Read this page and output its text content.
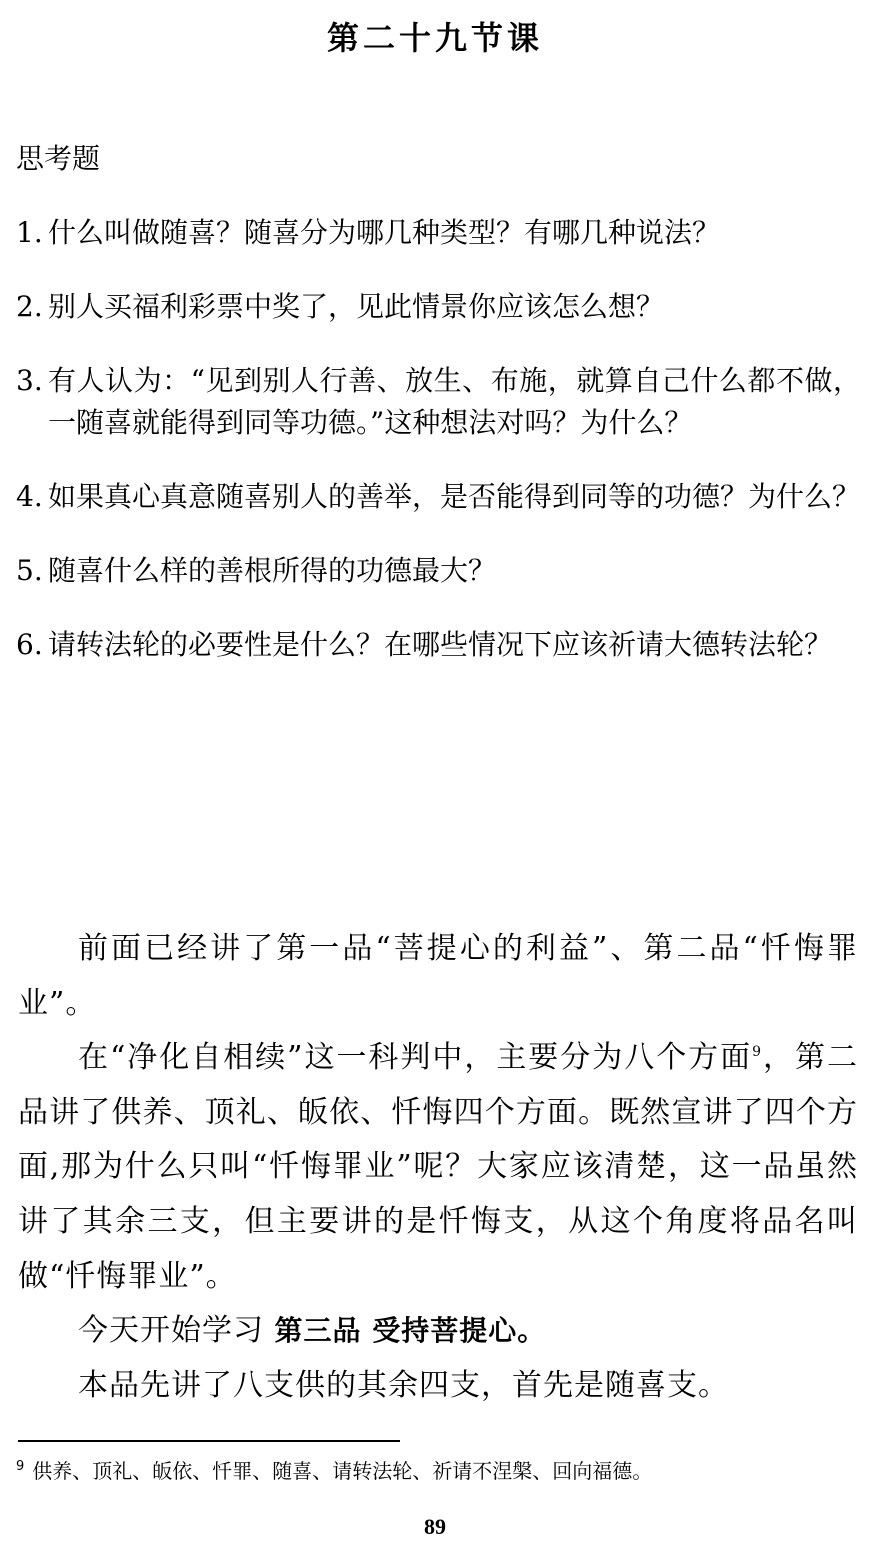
第二十九节课
思考题
1. 什么叫做随喜？随喜分为哪几种类型？有哪几种说法？
2. 别人买福利彩票中奖了，见此情景你应该怎么想？
3. 有人认为：“见到别人行善、放生、布施，就算自己什么都不做，一随喜就能得到同等功德。”这种想法对吗？为什么？
4. 如果真心真意随喜别人的善举，是否能得到同等的功德？为什么？
5. 随喜什么样的善根所得的功德最大？
6. 请转法轮的必要性是什么？在哪些情况下应该祈请大德转法轮？

前面已经讲了第一品“菩提心的利益”、第二品“忏悔罪业”。

在“净化自相续”这一科判中，主要分为八个方面$^9$，第二品讲了供养、顶礼、皈依、忏悔四个方面。既然宣讲了四个方面,那为什么只叫“忏悔罪业”呢？大家应该清楚，这一品虽然讲了其余三支，但主要讲的是忏悔支，从这个角度将品名叫做“忏悔罪业”。

今天开始学习 第三品 受持菩提心。

本品先讲了八支供的其余四支，首先是随喜支。

$^9$ 供养、顶礼、皈依、忏罪、随喜、请转法轮、祈请不涅槃、回向福德。
89
